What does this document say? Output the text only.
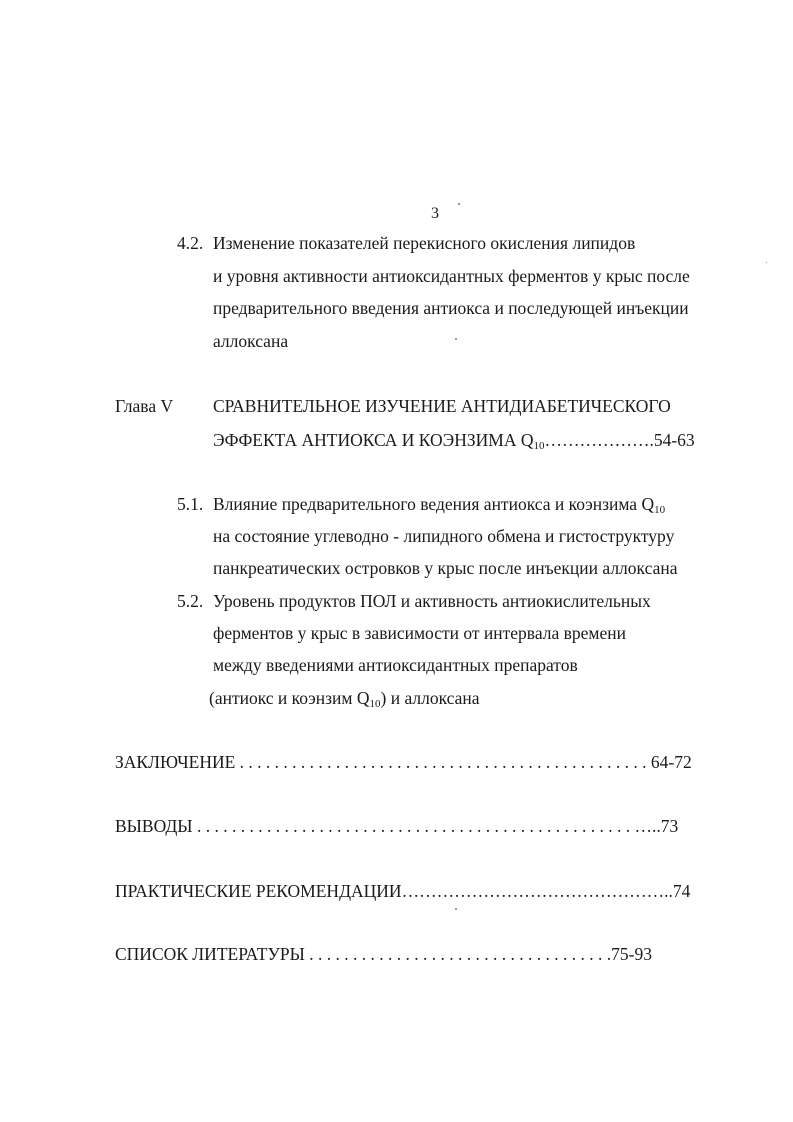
3
4.2. Изменение показателей перекисного окисления липидов
и уровня активности антиоксидантных ферментов у крыс после
предварительного введения антиокса и последующей инъекции
аллоксана
Глава V СРАВНИТЕЛЬНОЕ ИЗУЧЕНИЕ АНТИДИАБЕТИЧЕСКОГО
ЭФФЕКТА АНТИОКСА И КОЭНЗИМА $Q_{10}\dots\dots\dots\dots\dots\dots.54-63$
5.1. Влияние предварительного ведения антиокса и коэнзима $Q_{10}$
на состояние углеводно - липидного обмена и гистоструктуру
панкреатических островков у крыс после инъекции аллоксана
5.2. Уровень продуктов ПОЛ и активность антиокислительных
ферментов у крыс в зависимости от интервала времени
между введениями антиоксидантных препаратов
(антиокс и коэнзим $Q_{10}$) и аллоксана
ЗАКЛЮЧЕНИЕ . . . . . . . . . . . . . . . . . . . . . . . . . . . . . . . . . . . . . . . . . . . . . . . 64-72
ВЫВОДЫ . . . . . . . . . . . . . . . . . . . . . . . . . . . . . . . . . . . . . . . . . . . . . . . . . . …..73
ПРАКТИЧЕСКИЕ РЕКОМЕНДАЦИИ………………………………………..74
СПИСОК ЛИТЕРАТУРЫ . . . . . . . . . . . . . . . . . . . . . . . . . . . . . . . . . . .75-93
